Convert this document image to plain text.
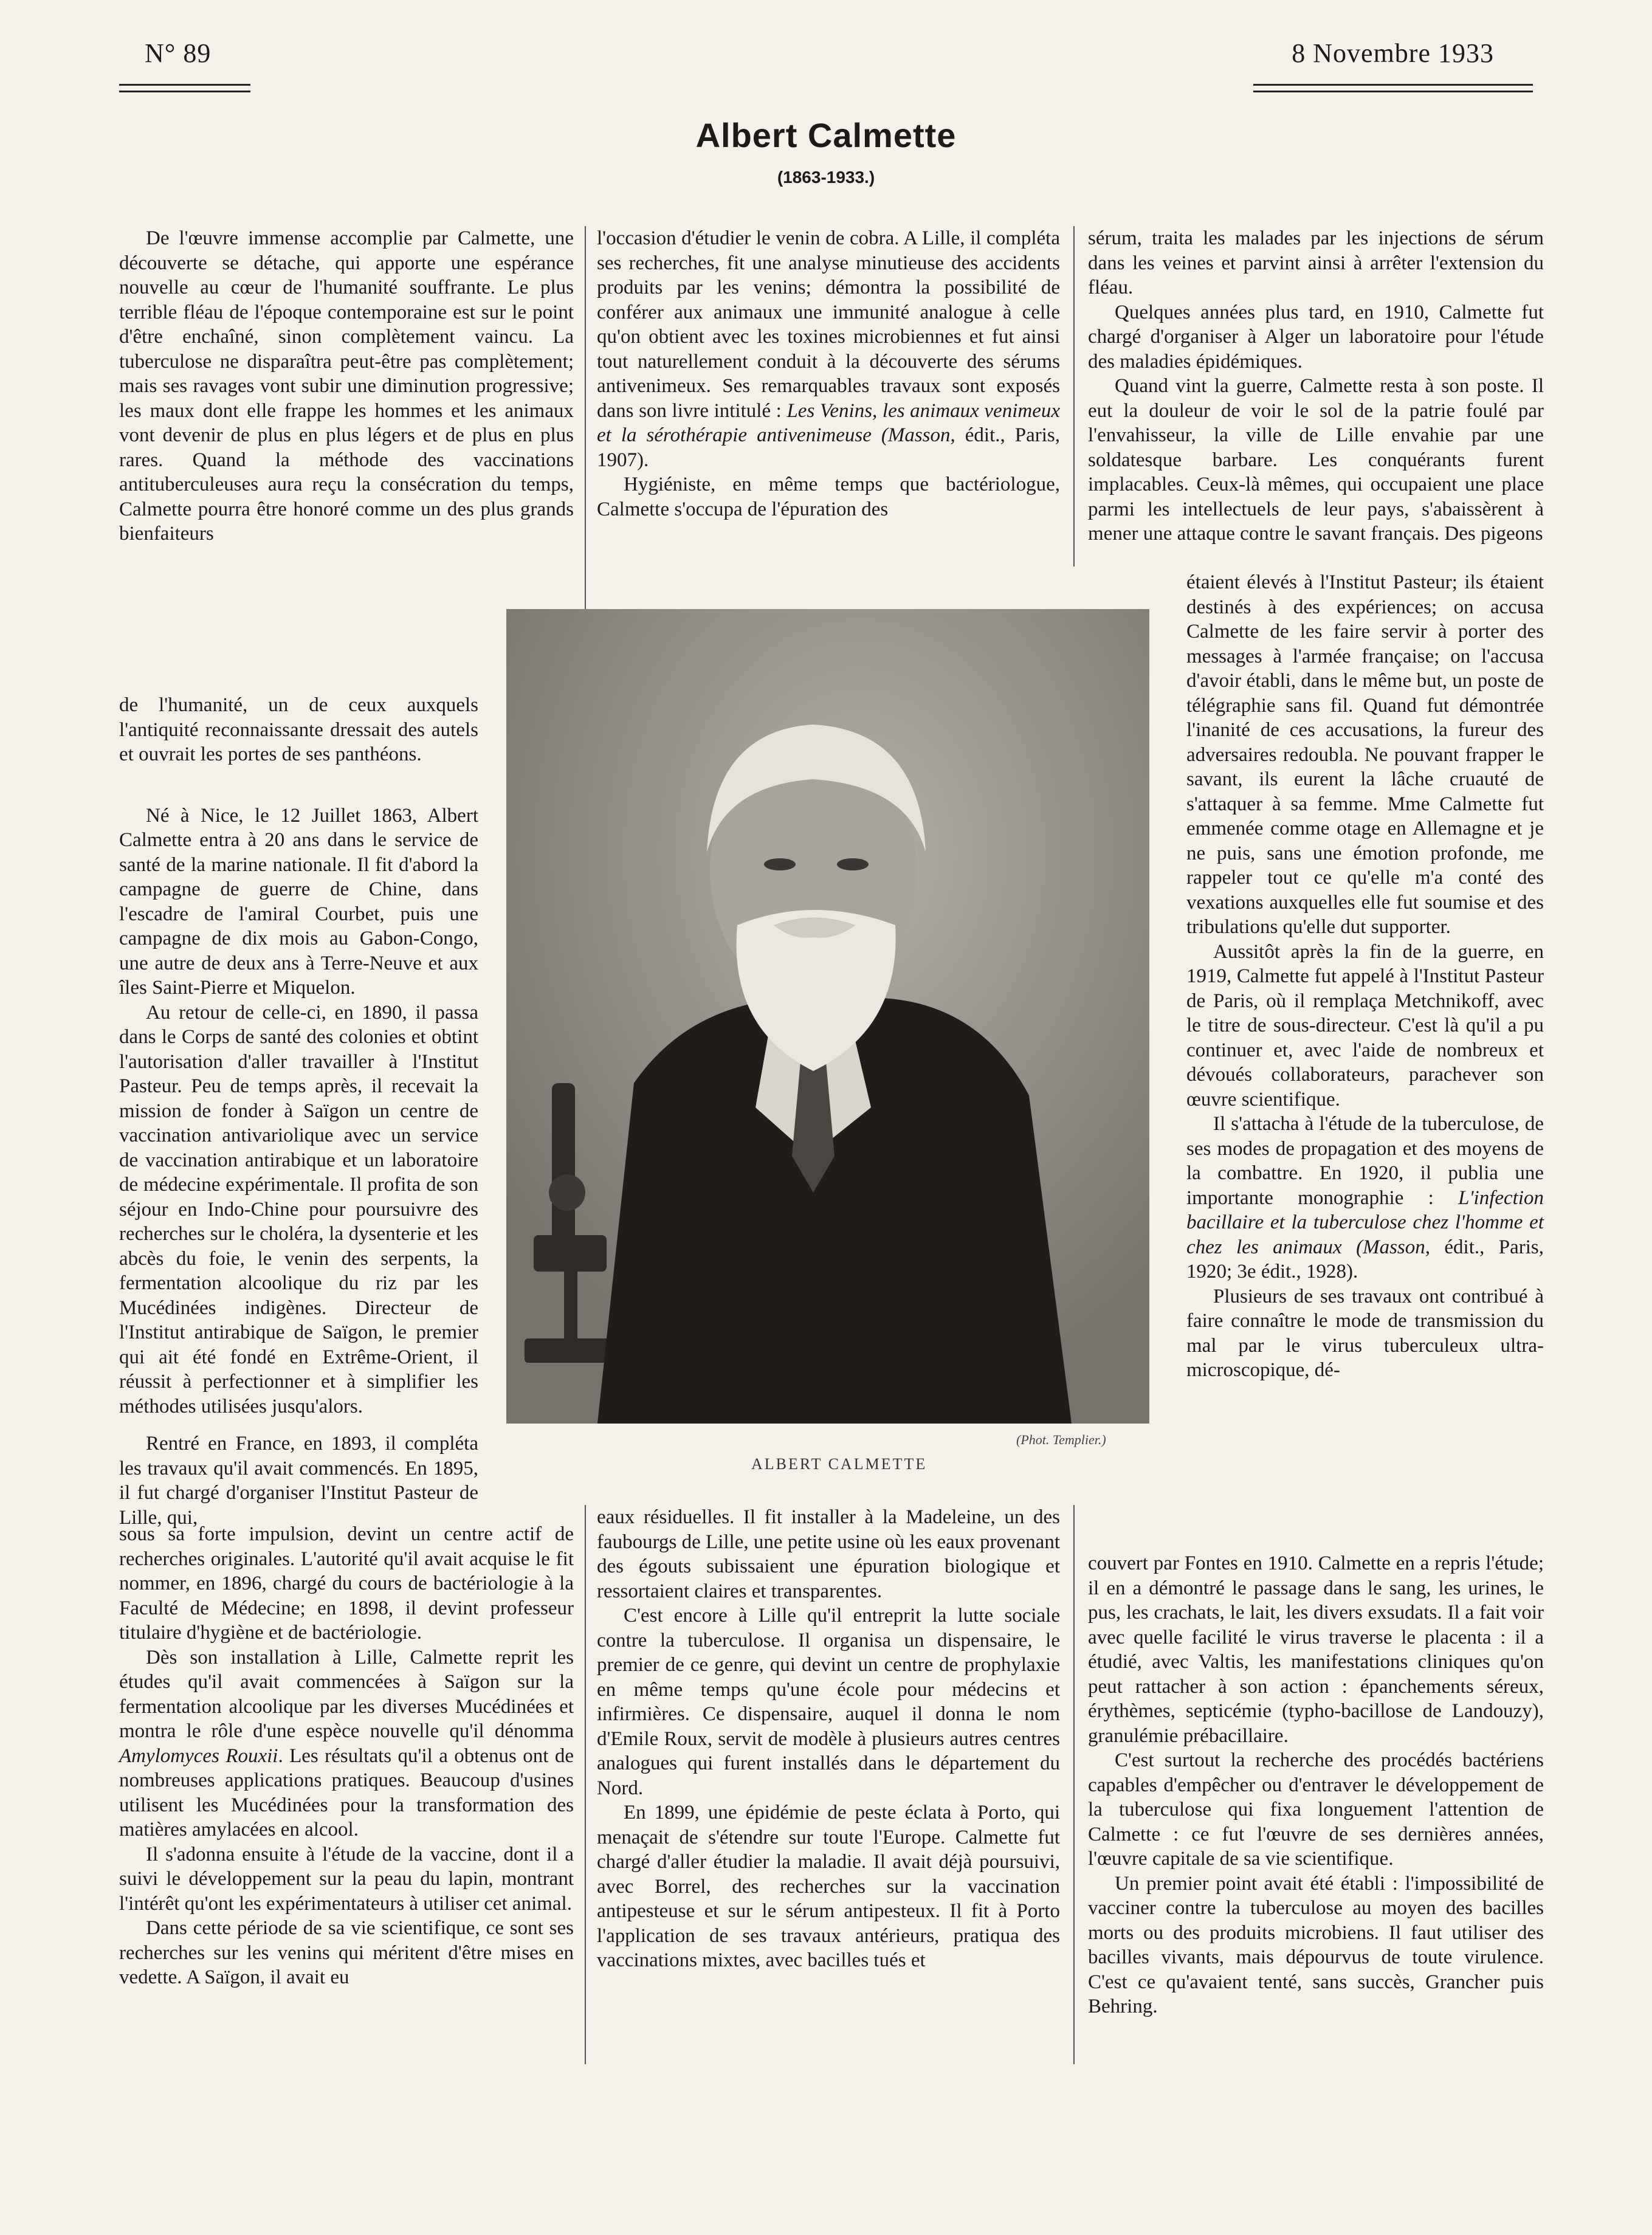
N° 89	8 Novembre 1933
Albert Calmette
(1863-1933.)

De l'œuvre immense accomplie par Calmette, une découverte se détache, qui apporte une espérance nouvelle au cœur de l'humanité souffrante. Le plus terrible fléau de l'époque contemporaine est sur le point d'être enchaîné, sinon complètement vaincu. La tuberculose ne disparaîtra peut-être pas complètement; mais ses ravages vont subir une diminution progressive; les maux dont elle frappe les hommes et les animaux vont devenir de plus en plus légers et de plus en plus rares. Quand la méthode des vaccinations antituberculeuses aura reçu la consécration du temps, Calmette pourra être honoré comme un des plus grands bienfaiteurs

de l'humanité, un de ceux auxquels l'antiquité reconnaissante dressait des autels et ouvrait les portes de ses panthéons.

Né à Nice, le 12 Juillet 1863, Albert Calmette entra à 20 ans dans le service de santé de la marine nationale. Il fit d'abord la campagne de guerre de Chine, dans l'escadre de l'amiral Courbet, puis une campagne de dix mois au Gabon-Congo, une autre de deux ans à Terre-Neuve et aux îles Saint-Pierre et Miquelon.

Au retour de celle-ci, en 1890, il passa dans le Corps de santé des colonies et obtint l'autorisation d'aller travailler à l'Institut Pasteur. Peu de temps après, il recevait la mission de fonder à Saïgon un centre de vaccination antivariolique avec un service de vaccination antirabique et un laboratoire de médecine expérimentale. Il profita de son séjour en Indo-Chine pour poursuivre des recherches sur le choléra, la dysenterie et les abcès du foie, le venin des serpents, la fermentation alcoolique du riz par les Mucédinées indigènes. Directeur de l'Institut antirabique de Saïgon, le premier qui ait été fondé en Extrême-Orient, il réussit à perfectionner et à simplifier les méthodes utilisées jusqu'alors.

Rentré en France, en 1893, il compléta les travaux qu'il avait commencés. En 1895, il fut chargé d'organiser l'Institut Pasteur de Lille, qui,

sous sa forte impulsion, devint un centre actif de recherches originales. L'autorité qu'il avait acquise le fit nommer, en 1896, chargé du cours de bactériologie à la Faculté de Médecine; en 1898, il devint professeur titulaire d'hygiène et de bactériologie.

Dès son installation à Lille, Calmette reprit les études qu'il avait commencées à Saïgon sur la fermentation alcoolique par les diverses Mucédinées et montra le rôle d'une espèce nouvelle qu'il dénomma Amylomyces Rouxii. Les résultats qu'il a obtenus ont de nombreuses applications pratiques. Beaucoup d'usines utilisent les Mucédinées pour la transformation des matières amylacées en alcool.

Il s'adonna ensuite à l'étude de la vaccine, dont il a suivi le développement sur la peau du lapin, montrant l'intérêt qu'ont les expérimentateurs à utiliser cet animal.

Dans cette période de sa vie scientifique, ce sont ses recherches sur les venins qui méritent d'être mises en vedette. A Saïgon, il avait eu

l'occasion d'étudier le venin de cobra. A Lille, il compléta ses recherches, fit une analyse minutieuse des accidents produits par les venins; démontra la possibilité de conférer aux animaux une immunité analogue à celle qu'on obtient avec les toxines microbiennes et fut ainsi tout naturellement conduit à la découverte des sérums antivenimeux. Ses remarquables travaux sont exposés dans son livre intitulé : Les Venins, les animaux venimeux et la sérothérapie antivenimeuse (Masson, édit., Paris, 1907).

Hygiéniste, en même temps que bactériologue, Calmette s'occupa de l'épuration des

eaux résiduelles. Il fit installer à la Madeleine, un des faubourgs de Lille, une petite usine où les eaux provenant des égouts subissaient une épuration biologique et ressortaient claires et transparentes.

C'est encore à Lille qu'il entreprit la lutte sociale contre la tuberculose. Il organisa un dispensaire, le premier de ce genre, qui devint un centre de prophylaxie en même temps qu'une école pour médecins et infirmières. Ce dispensaire, auquel il donna le nom d'Emile Roux, servit de modèle à plusieurs autres centres analogues qui furent installés dans le département du Nord.

En 1899, une épidémie de peste éclata à Porto, qui menaçait de s'étendre sur toute l'Europe. Calmette fut chargé d'aller étudier la maladie. Il avait déjà poursuivi, avec Borrel, des recherches sur la vaccination antipesteuse et sur le sérum antipesteux. Il fit à Porto l'application de ses travaux antérieurs, pratiqua des vaccinations mixtes, avec bacilles tués et

sérum, traita les malades par les injections de sérum dans les veines et parvint ainsi à arrêter l'extension du fléau.

Quelques années plus tard, en 1910, Calmette fut chargé d'organiser à Alger un laboratoire pour l'étude des maladies épidémiques.

Quand vint la guerre, Calmette resta à son poste. Il eut la douleur de voir le sol de la patrie foulé par l'envahisseur, la ville de Lille envahie par une soldatesque barbare. Les conquérants furent implacables. Ceux-là mêmes, qui occupaient une place parmi les intellectuels de leur pays, s'abaissèrent à mener une attaque contre le savant français. Des pigeons

étaient élevés à l'Institut Pasteur; ils étaient destinés à des expériences; on accusa Calmette de les faire servir à porter des messages à l'armée française; on l'accusa d'avoir établi, dans le même but, un poste de télégraphie sans fil. Quand fut démontrée l'inanité de ces accusations, la fureur des adversaires redoubla. Ne pouvant frapper le savant, ils eurent la lâche cruauté de s'attaquer à sa femme. Mme Calmette fut emmenée comme otage en Allemagne et je ne puis, sans une émotion profonde, me rappeler tout ce qu'elle m'a conté des vexations auxquelles elle fut soumise et des tribulations qu'elle dut supporter.

Aussitôt après la fin de la guerre, en 1919, Calmette fut appelé à l'Institut Pasteur de Paris, où il remplaça Metchnikoff, avec le titre de sous-directeur. C'est là qu'il a pu continuer et, avec l'aide de nombreux et dévoués collaborateurs, parachever son œuvre scientifique.

Il s'attacha à l'étude de la tuberculose, de ses modes de propagation et des moyens de la combattre. En 1920, il publia une importante monographie : L'infection bacillaire et la tuberculose chez l'homme et chez les animaux (Masson, édit., Paris, 1920; 3e édit., 1928).

Plusieurs de ses travaux ont contribué à faire connaître le mode de transmission du mal par le virus tuberculeux ultra-microscopique, dé-

couvert par Fontes en 1910. Calmette en a repris l'étude; il en a démontré le passage dans le sang, les urines, le pus, les crachats, le lait, les divers exsudats. Il a fait voir avec quelle facilité le virus traverse le placenta : il a étudié, avec Valtis, les manifestations cliniques qu'on peut rattacher à son action : épanchements séreux, érythèmes, septicémie (typho-bacillose de Landouzy), granulémie prébacillaire.

C'est surtout la recherche des procédés bactériens capables d'empêcher ou d'entraver le développement de la tuberculose qui fixa longuement l'attention de Calmette : ce fut l'œuvre de ses dernières années, l'œuvre capitale de sa vie scientifique.

Un premier point avait été établi : l'impossibilité de vacciner contre la tuberculose au moyen des bacilles morts ou des produits microbiens. Il faut utiliser des bacilles vivants, mais dépourvus de toute virulence. C'est ce qu'avaient tenté, sans succès, Grancher puis Behring.

(Phot. Templier.)
ALBERT CALMETTE
